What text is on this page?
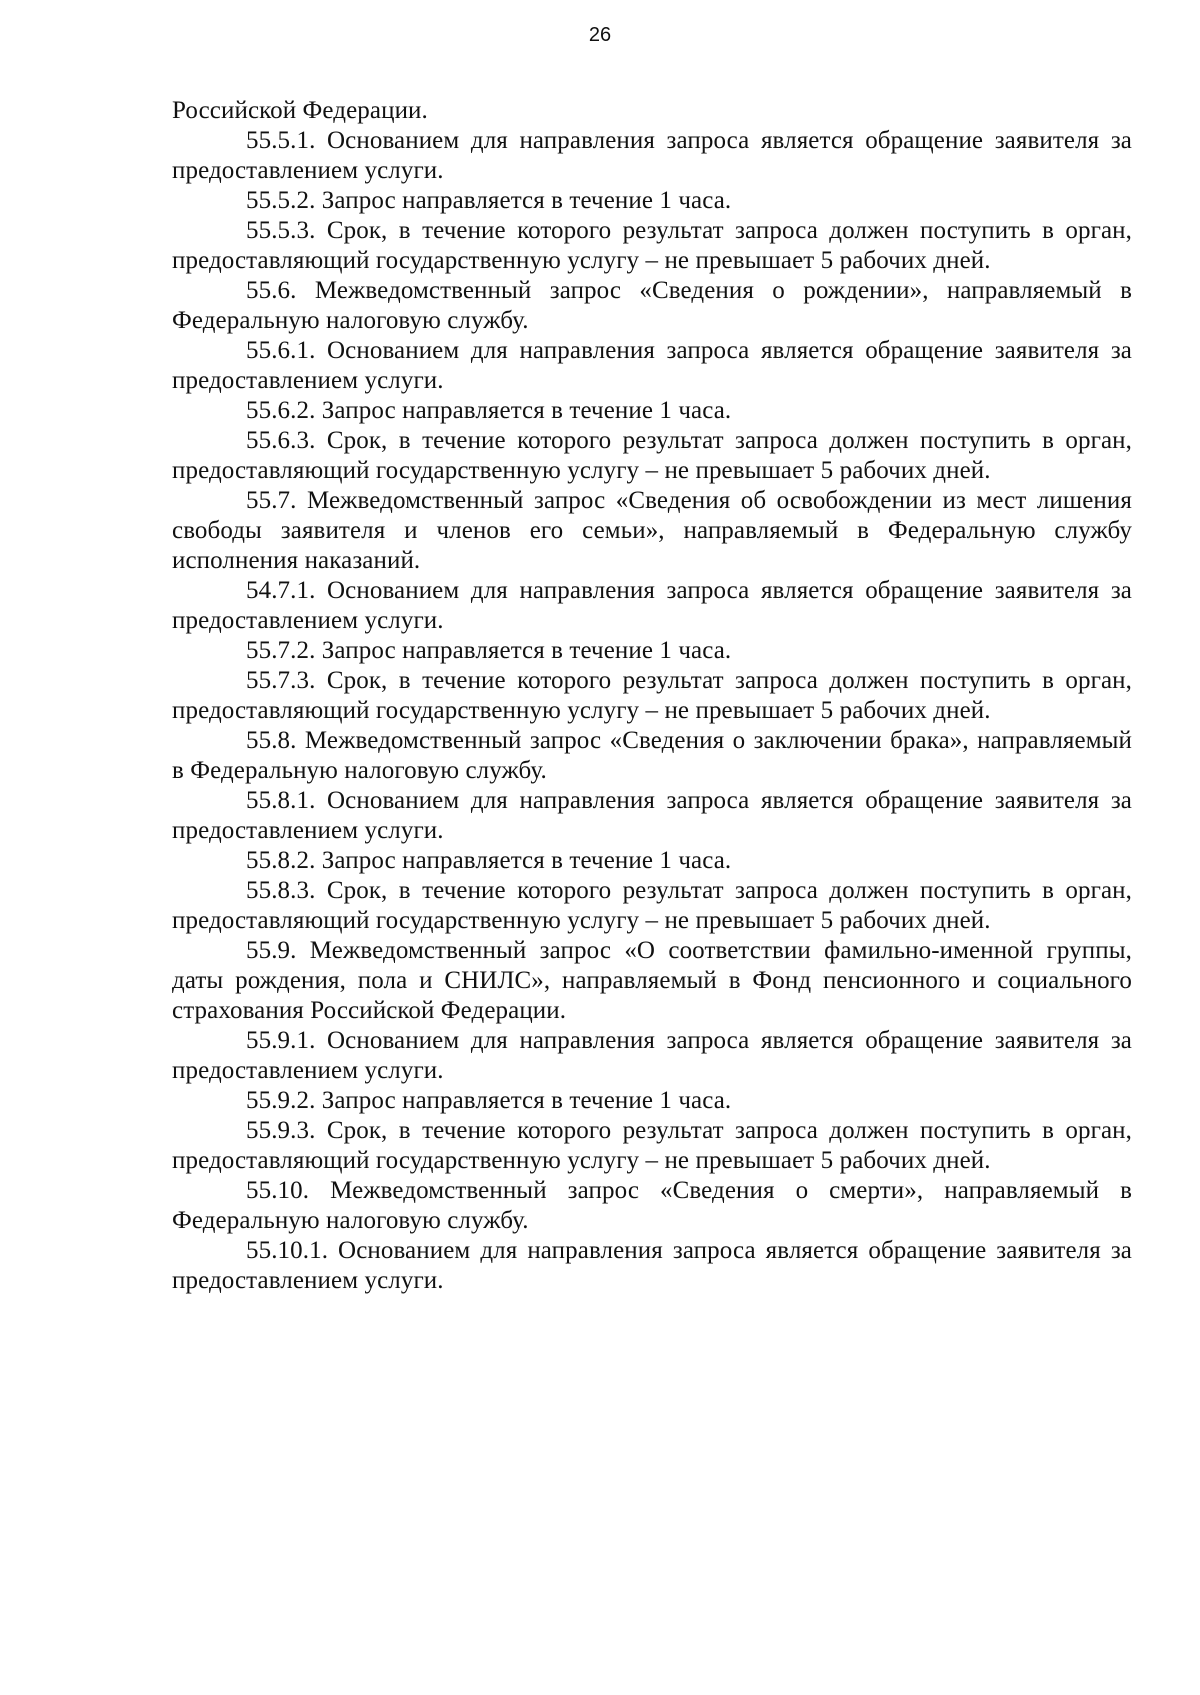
26

Российской Федерации.

55.5.1. Основанием для направления запроса является обращение заявителя за предоставлением услуги.

55.5.2. Запрос направляется в течение 1 часа.

55.5.3. Срок, в течение которого результат запроса должен поступить в орган, предоставляющий государственную услугу – не превышает 5 рабочих дней.

55.6. Межведомственный запрос «Сведения о рождении», направляемый в Федеральную налоговую службу.

55.6.1. Основанием для направления запроса является обращение заявителя за предоставлением услуги.

55.6.2. Запрос направляется в течение 1 часа.

55.6.3. Срок, в течение которого результат запроса должен поступить в орган, предоставляющий государственную услугу – не превышает 5 рабочих дней.

55.7. Межведомственный запрос «Сведения об освобождении из мест лишения свободы заявителя и членов его семьи», направляемый в Федеральную службу исполнения наказаний.

54.7.1. Основанием для направления запроса является обращение заявителя за предоставлением услуги.

55.7.2. Запрос направляется в течение 1 часа.

55.7.3. Срок, в течение которого результат запроса должен поступить в орган, предоставляющий государственную услугу – не превышает 5 рабочих дней.

55.8. Межведомственный запрос «Сведения о заключении брака», направляемый в Федеральную налоговую службу.

55.8.1. Основанием для направления запроса является обращение заявителя за предоставлением услуги.

55.8.2. Запрос направляется в течение 1 часа.

55.8.3. Срок, в течение которого результат запроса должен поступить в орган, предоставляющий государственную услугу – не превышает 5 рабочих дней.

55.9. Межведомственный запрос «О соответствии фамильно-именной группы, даты рождения, пола и СНИЛС», направляемый в Фонд пенсионного и социального страхования Российской Федерации.

55.9.1. Основанием для направления запроса является обращение заявителя за предоставлением услуги.

55.9.2. Запрос направляется в течение 1 часа.

55.9.3. Срок, в течение которого результат запроса должен поступить в орган, предоставляющий государственную услугу – не превышает 5 рабочих дней.

55.10. Межведомственный запрос «Сведения о смерти», направляемый в Федеральную налоговую службу.

55.10.1. Основанием для направления запроса является обращение заявителя за предоставлением услуги.
